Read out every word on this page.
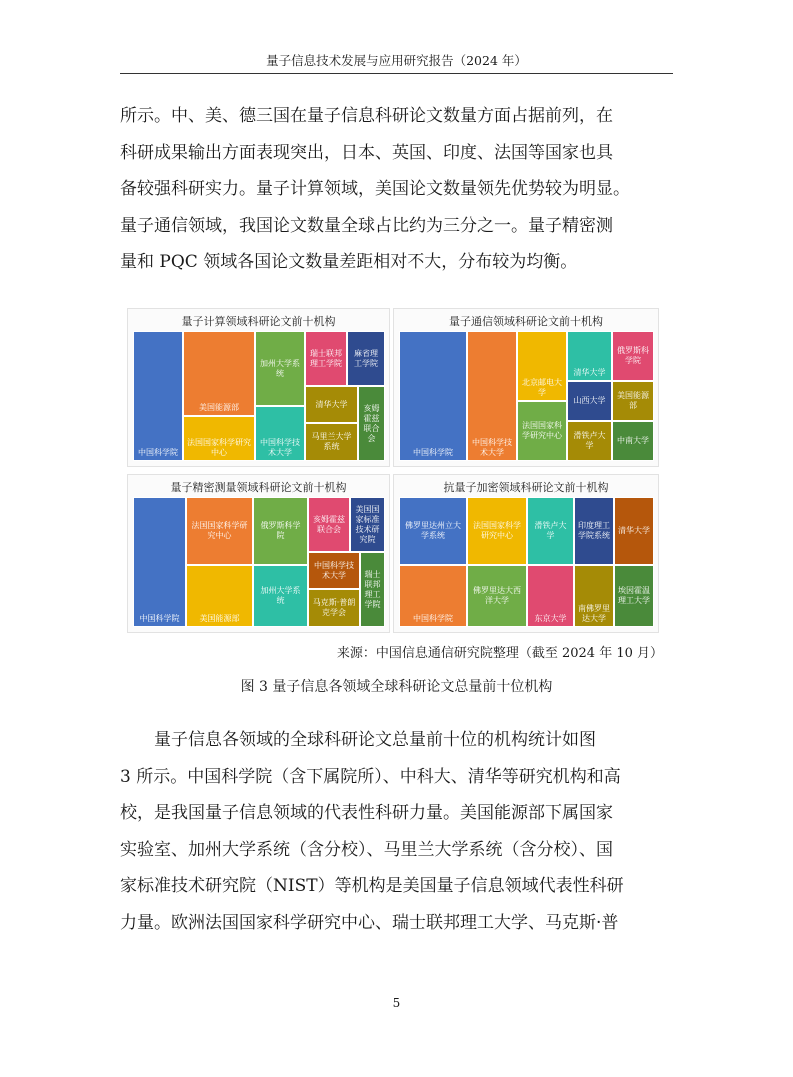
量子信息技术发展与应用研究报告（2024 年）

所示。中、美、德三国在量子信息科研论文数量方面占据前列，在

科研成果输出方面表现突出，日本、英国、印度、法国等国家也具

备较强科研实力。量子计算领域，美国论文数量领先优势较为明显。

量子通信领域，我国论文数量全球占比约为三分之一。量子精密测

量和 PQC 领域各国论文数量差距相对不大，分布较为均衡。

量子计算领域科研论文前十机构
中国科学院
美国能源部
法国国家科学研究中心
加州大学系统
中国科学技术大学
瑞士联邦理工学院
麻省理工学院
清华大学
马里兰大学系统
亥姆霍兹联合会
量子通信领域科研论文前十机构
中国科学院
中国科学技术大学
北京邮电大学
法国国家科学研究中心
清华大学
俄罗斯科学院
山西大学
美国能源部
滑铁卢大学
中南大学
量子精密测量领域科研论文前十机构
中国科学院
法国国家科学研究中心
美国能源部
俄罗斯科学院
加州大学系统
亥姆霍兹联合会
美国国家标准技术研究院
中国科学技术大学
马克斯·普朗克学会
瑞士联邦理工学院
抗量子加密领域科研论文前十机构
佛罗里达州立大学系统
中国科学院
法国国家科学研究中心
佛罗里达大西洋大学
滑铁卢大学
东京大学
印度理工学院系统
南佛罗里达大学
清华大学
埃因霍温理工大学
来源：中国信息通信研究院整理（截至 2024 年 10 月）
图 3 量子信息各领域全球科研论文总量前十位机构

　　量子信息各领域的全球科研论文总量前十位的机构统计如图

3 所示。中国科学院（含下属院所）、中科大、清华等研究机构和高

校，是我国量子信息领域的代表性科研力量。美国能源部下属国家

实验室、加州大学系统（含分校）、马里兰大学系统（含分校）、国

家标准技术研究院（NIST）等机构是美国量子信息领域代表性科研

力量。欧洲法国国家科学研究中心、瑞士联邦理工大学、马克斯·普

5
